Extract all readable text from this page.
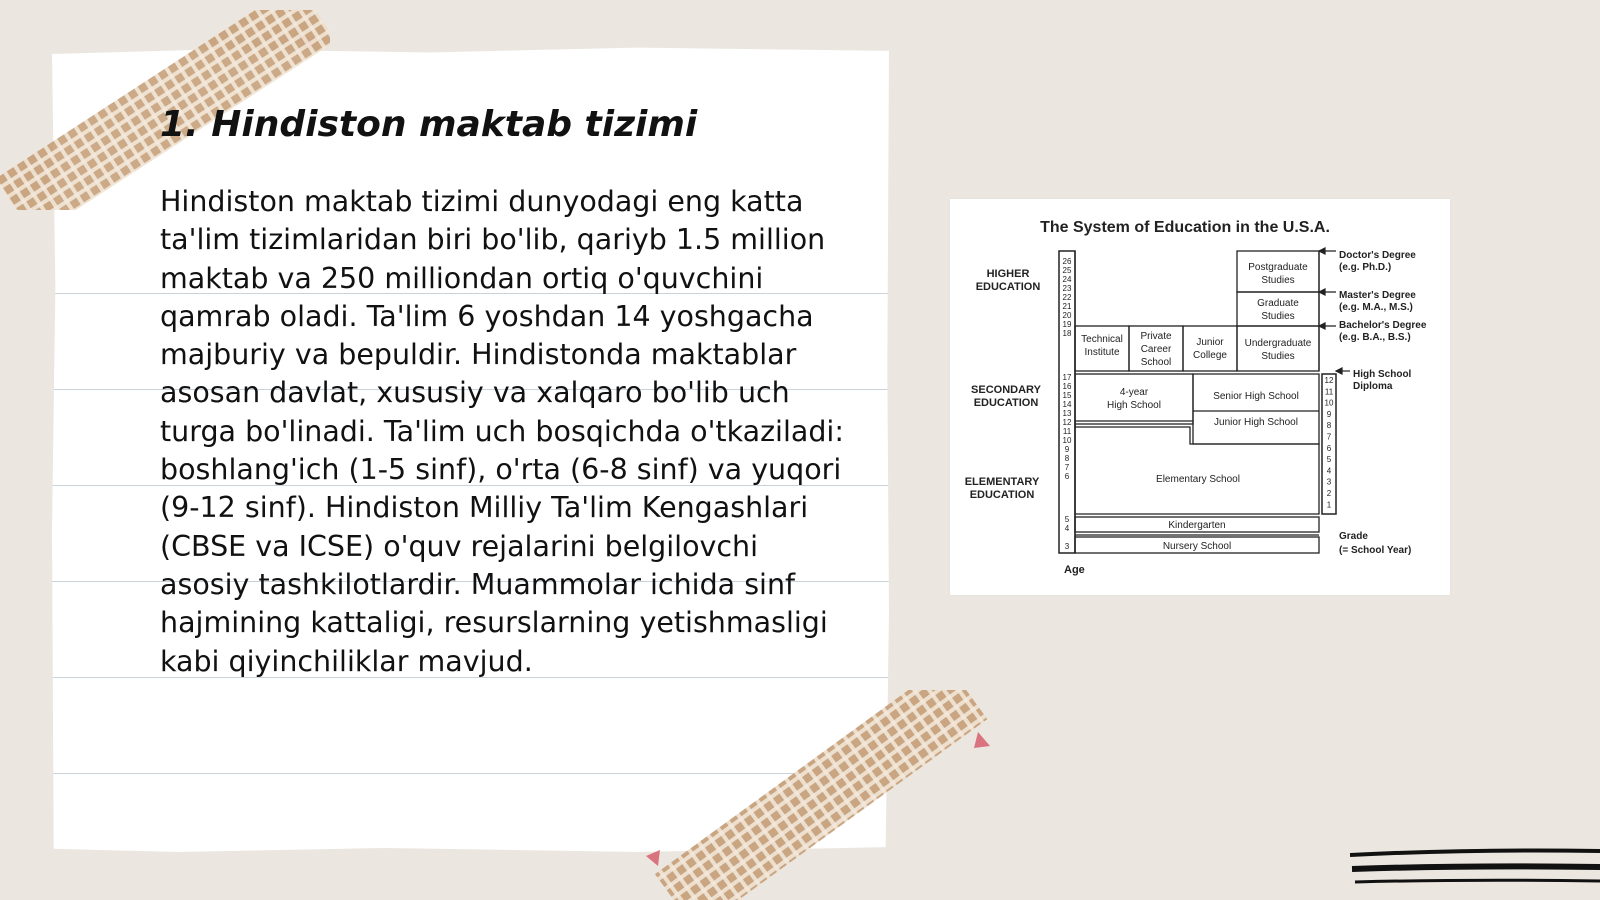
1. Hindiston maktab tizimi

Hindiston maktab tizimi dunyodagi eng katta ta'lim tizimlaridan biri bo'lib, qariyb 1.5 million maktab va 250 milliondan ortiq o'quvchini qamrab oladi. Ta'lim 6 yoshdan 14 yoshgacha majburiy va bepuldir. Hindistonda maktablar asosan davlat, xususiy va xalqaro bo'lib uch turga bo'linadi. Ta'lim uch bosqichda o'tkaziladi: boshlang'ich (1-5 sinf), o'rta (6-8 sinf) va yuqori (9-12 sinf). Hindiston Milliy Ta'lim Kengashlari (CBSE va ICSE) o'quv rejalarini belgilovchi asosiy tashkilotlardir. Muammolar ichida sinf hajmining kattaligi, resurslarning yetishmasligi kabi qiyinchiliklar mavjud.

The System of Education in the U.S.A.
HIGHER
EDUCATION
SECONDARY
EDUCATION
ELEMENTARY
EDUCATION
26
25
24
23
22
21
20
19
18
17
16
15
14
13
12
11
10
9
8
7
6
5
4
3
Age
12
11
10
9
8
7
6
5
4
3
2
1
Technical
Institute
Private
Career
School
Junior
College
Undergraduate
Studies
Graduate
Studies
Postgraduate
Studies
4-year
High School
Senior High School
Junior High School
Elementary School
Kindergarten
Nursery School
Doctor's Degree
(e.g. Ph.D.)
Master's Degree
(e.g. M.A., M.S.)
Bachelor's Degree
(e.g. B.A., B.S.)
High School
Diploma
Grade
(= School Year)
